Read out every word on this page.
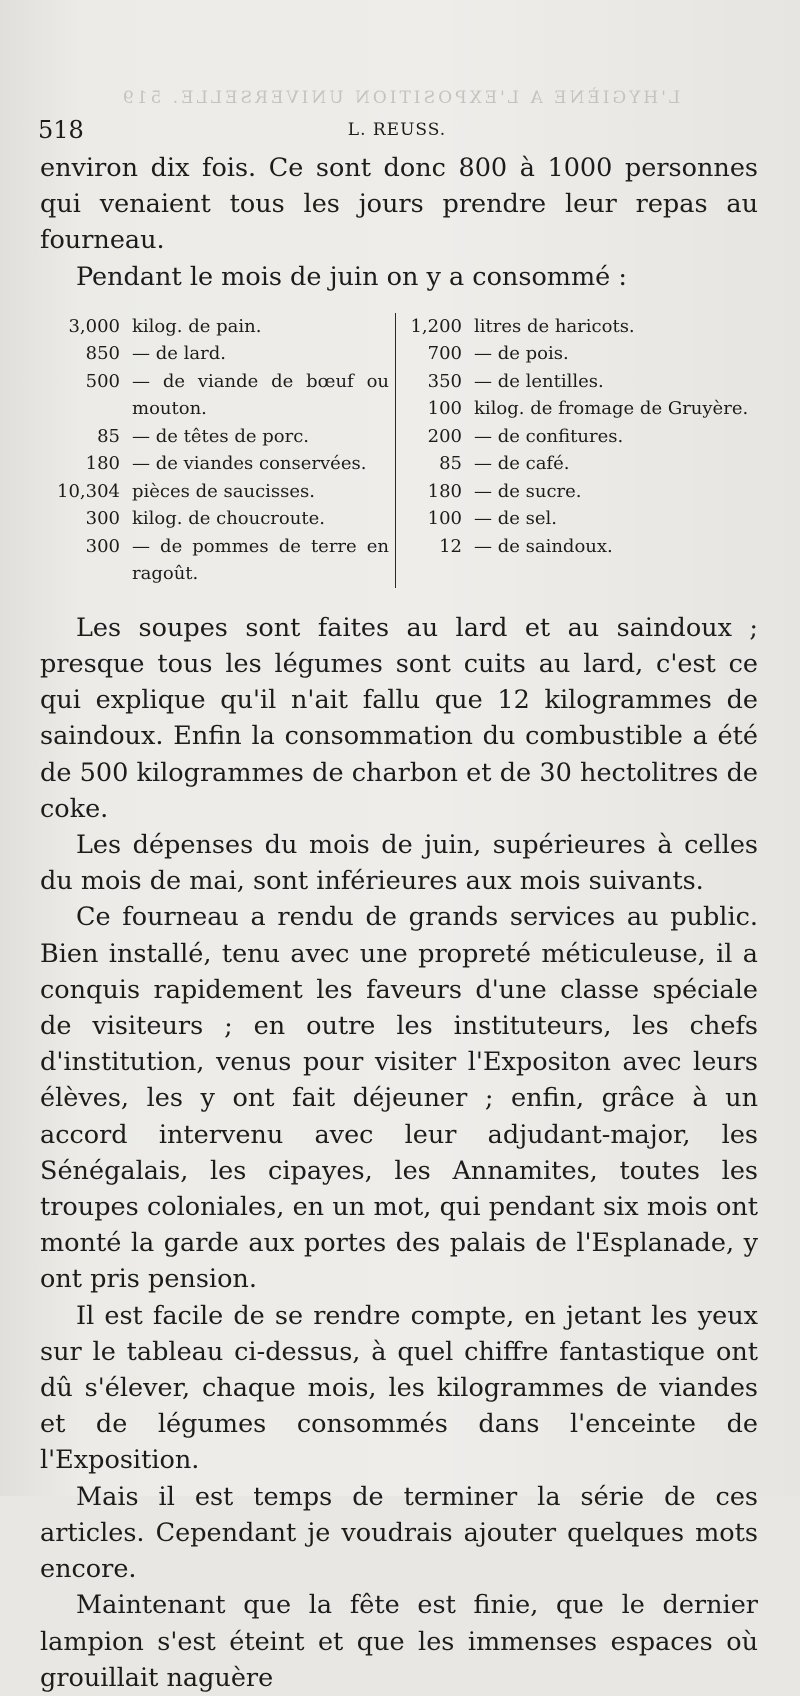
L'HYGIÈNE A L'EXPOSITION UNIVERSELLE. 519
518	L. REUSS.

environ dix fois. Ce sont donc 800 à 1000 personnes qui venaient tous les jours prendre leur repas au fourneau.

Pendant le mois de juin on y a consommé :

3,000 kilog. de pain.
850 — de lard.
500 — de viande de bœuf ou mouton.
85 — de têtes de porc.
180 — de viandes conservées.
10,304 pièces de saucisses.
300 kilog. de choucroute.
300 — de pommes de terre en ragoût.
1,200 litres de haricots.
700 — de pois.
350 — de lentilles.
100 kilog. de fromage de Gruyère.
200 — de confitures.
85 — de café.
180 — de sucre.
100 — de sel.
12 — de saindoux.

Les soupes sont faites au lard et au saindoux ; presque tous les légumes sont cuits au lard, c'est ce qui explique qu'il n'ait fallu que 12 kilogrammes de saindoux. Enfin la consommation du combustible a été de 500 kilogrammes de charbon et de 30 hectolitres de coke.

Les dépenses du mois de juin, supérieures à celles du mois de mai, sont inférieures aux mois suivants.

Ce fourneau a rendu de grands services au public. Bien installé, tenu avec une propreté méticuleuse, il a conquis rapidement les faveurs d'une classe spéciale de visiteurs ; en outre les instituteurs, les chefs d'institution, venus pour visiter l'Expositon avec leurs élèves, les y ont fait déjeuner ; enfin, grâce à un accord intervenu avec leur adjudant-major, les Sénégalais, les cipayes, les Annamites, toutes les troupes coloniales, en un mot, qui pendant six mois ont monté la garde aux portes des palais de l'Esplanade, y ont pris pension.

Il est facile de se rendre compte, en jetant les yeux sur le tableau ci-dessus, à quel chiffre fantastique ont dû s'élever, chaque mois, les kilogrammes de viandes et de légumes consommés dans l'enceinte de l'Exposition.

Mais il est temps de terminer la série de ces articles. Cependant je voudrais ajouter quelques mots encore.

Maintenant que la fête est finie, que le dernier lampion s'est éteint et que les immenses espaces où grouillait naguère
